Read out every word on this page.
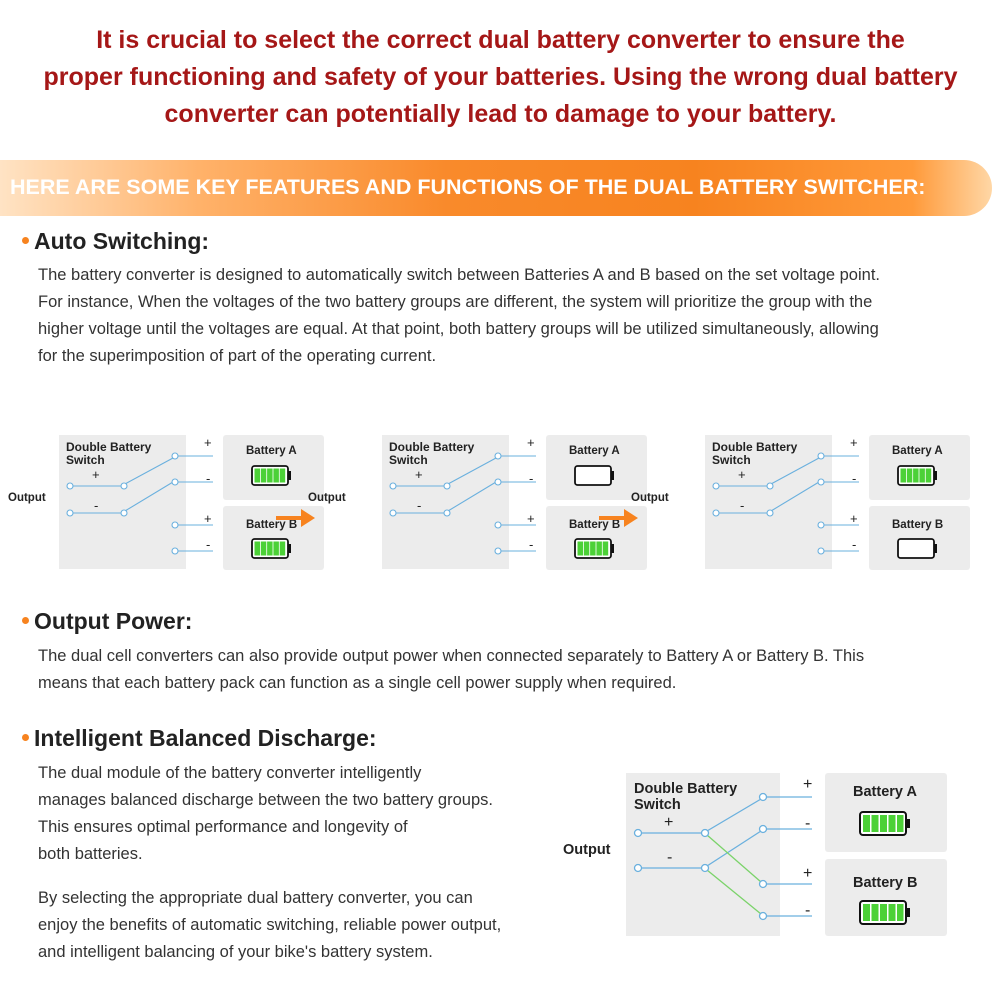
It is crucial to select the correct dual battery converter to ensure the
proper functioning and safety of your batteries. Using the wrong dual battery
converter can potentially lead to damage to your battery.
HERE ARE SOME KEY FEATURES AND FUNCTIONS OF THE DUAL BATTERY SWITCHER:
Auto Switching:
The battery converter is designed to automatically switch between Batteries A and B based on the set voltage point.
For instance, When the voltages of the two battery groups are different, the system will prioritize the group with the
higher voltage until the voltages are equal. At that point, both battery groups will be utilized simultaneously, allowing
for the superimposition of part of the operating current.
Double Battery
Switch
+
-
+
-
+
-
Battery A
Battery B
Output
Double Battery
Switch
+
-
+
-
+
-
Battery A
Battery B
Output
Double Battery
Switch
+
-
+
-
+
-
Battery A
Battery B
Output
Output Power:
The dual cell converters can also provide output power when connected separately to Battery A or Battery B. This
means that each battery pack can function as a single cell power supply when required.
Intelligent Balanced Discharge:
The dual module of the battery converter intelligently
manages balanced discharge between the two battery groups.
This ensures optimal performance and longevity of
both batteries.
By selecting the appropriate dual battery converter, you can
enjoy the benefits of automatic switching, reliable power output,
and intelligent balancing of your bike's battery system.
Double Battery
Switch
Output
+
-
+
-
+
-
Battery A
Battery B
